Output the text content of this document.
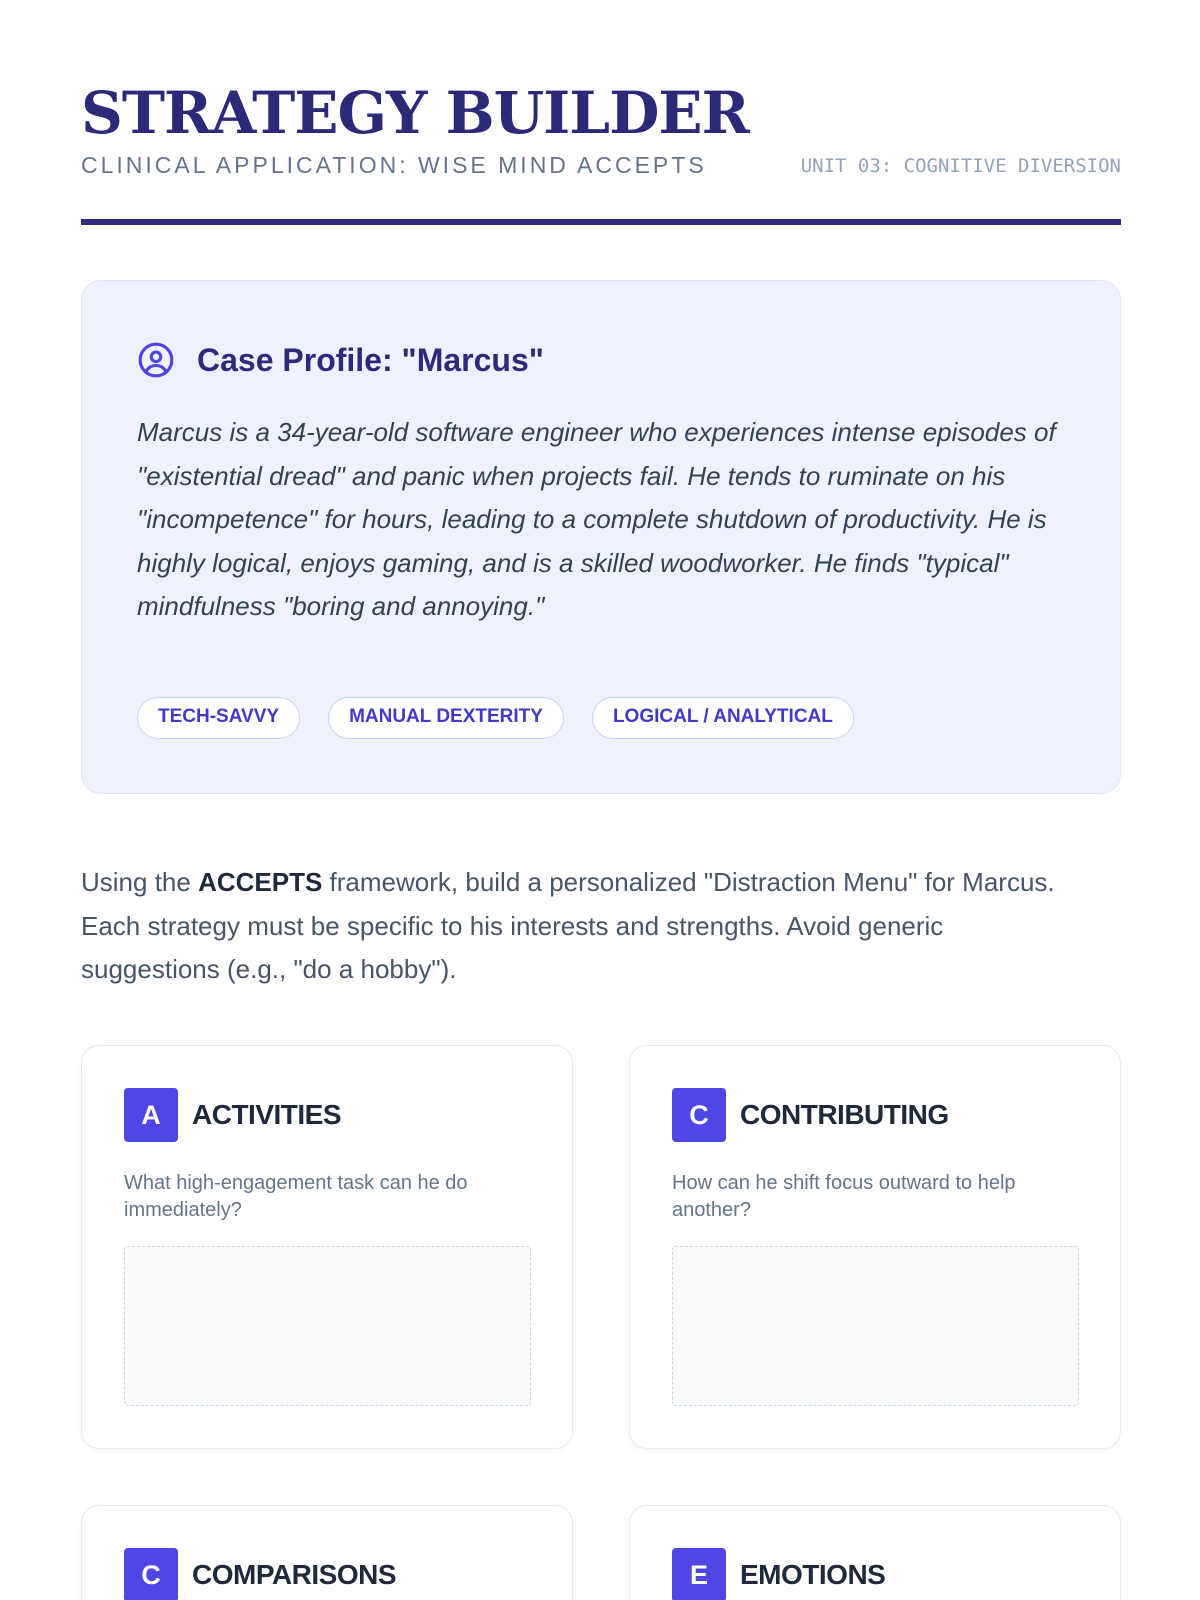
STRATEGY BUILDER
CLINICAL APPLICATION: WISE MIND ACCEPTS	UNIT 03: COGNITIVE DIVERSION
Case Profile: "Marcus"

Marcus is a 34-year-old software engineer who experiences intense episodes of "existential dread" and panic when projects fail. He tends to ruminate on his "incompetence" for hours, leading to a complete shutdown of productivity. He is highly logical, enjoys gaming, and is a skilled woodworker. He finds "typical" mindfulness "boring and annoying."

TECH-SAVVY	MANUAL DEXTERITY	LOGICAL / ANALYTICAL

Using the ACCEPTS framework, build a personalized "Distraction Menu" for Marcus. Each strategy must be specific to his interests and strengths. Avoid generic suggestions (e.g., "do a hobby").

A	ACTIVITIES

What high-engagement task can he do immediately?

C	CONTRIBUTING

How can he shift focus outward to help another?

C	COMPARISONS	E	EMOTIONS
